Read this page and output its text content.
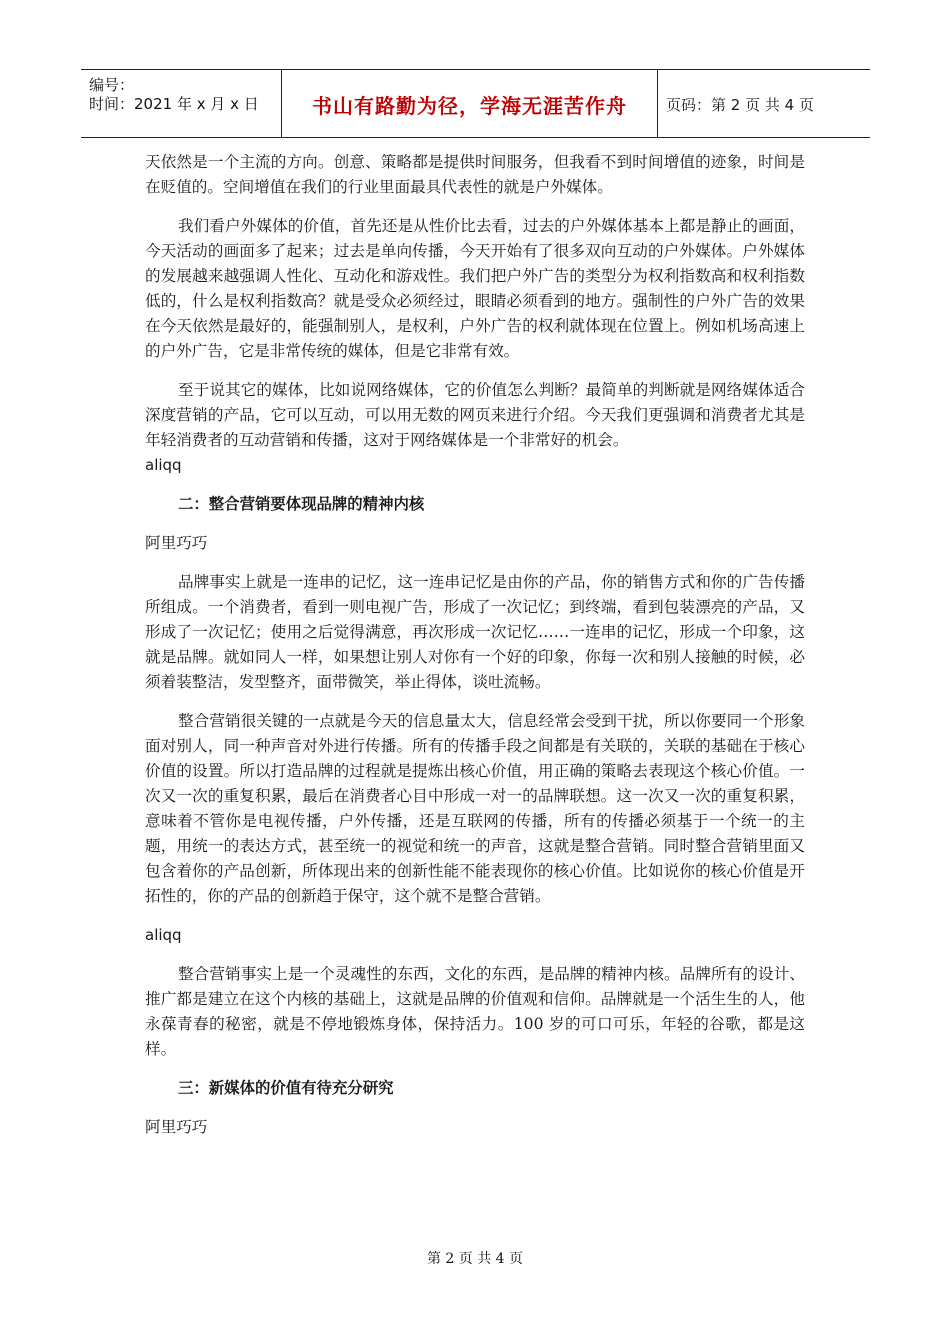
编号：
时间：2021 年 x 月 x 日	书山有路勤为径，学海无涯苦作舟	页码：第 2 页 共 4 页

天依然是一个主流的方向。创意、策略都是提供时间服务，但我看不到时间增值的迹象，时间是在贬值的。空间增值在我们的行业里面最具代表性的就是户外媒体。

我们看户外媒体的价值，首先还是从性价比去看，过去的户外媒体基本上都是静止的画面，今天活动的画面多了起来；过去是单向传播，今天开始有了很多双向互动的户外媒体。户外媒体的发展越来越强调人性化、互动化和游戏性。我们把户外广告的类型分为权利指数高和权利指数低的，什么是权利指数高？就是受众必须经过，眼睛必须看到的地方。强制性的户外广告的效果在今天依然是最好的，能强制别人，是权利，户外广告的权利就体现在位置上。例如机场高速上的户外广告，它是非常传统的媒体，但是它非常有效。

至于说其它的媒体，比如说网络媒体，它的价值怎么判断？最简单的判断就是网络媒体适合深度营销的产品，它可以互动，可以用无数的网页来进行介绍。今天我们更强调和消费者尤其是年轻消费者的互动营销和传播，这对于网络媒体是一个非常好的机会。

aliqq

二：整合营销要体现品牌的精神内核

阿里巧巧

品牌事实上就是一连串的记忆，这一连串记忆是由你的产品，你的销售方式和你的广告传播所组成。一个消费者，看到一则电视广告，形成了一次记忆；到终端，看到包装漂亮的产品，又形成了一次记忆；使用之后觉得满意，再次形成一次记忆……一连串的记忆，形成一个印象，这就是品牌。就如同人一样，如果想让别人对你有一个好的印象，你每一次和别人接触的时候，必须着装整洁，发型整齐，面带微笑，举止得体，谈吐流畅。

整合营销很关键的一点就是今天的信息量太大，信息经常会受到干扰，所以你要同一个形象面对别人，同一种声音对外进行传播。所有的传播手段之间都是有关联的，关联的基础在于核心价值的设置。所以打造品牌的过程就是提炼出核心价值，用正确的策略去表现这个核心价值。一次又一次的重复积累，最后在消费者心目中形成一对一的品牌联想。这一次又一次的重复积累，意味着不管你是电视传播，户外传播，还是互联网的传播，所有的传播必须基于一个统一的主题，用统一的表达方式，甚至统一的视觉和统一的声音，这就是整合营销。同时整合营销里面又包含着你的产品创新，所体现出来的创新性能不能表现你的核心价值。比如说你的核心价值是开拓性的，你的产品的创新趋于保守，这个就不是整合营销。

aliqq

整合营销事实上是一个灵魂性的东西，文化的东西，是品牌的精神内核。品牌所有的设计、推广都是建立在这个内核的基础上，这就是品牌的价值观和信仰。品牌就是一个活生生的人，他永葆青春的秘密，就是不停地锻炼身体，保持活力。100 岁的可口可乐，年轻的谷歌，都是这样。

三：新媒体的价值有待充分研究

阿里巧巧

第 2 页 共 4 页
